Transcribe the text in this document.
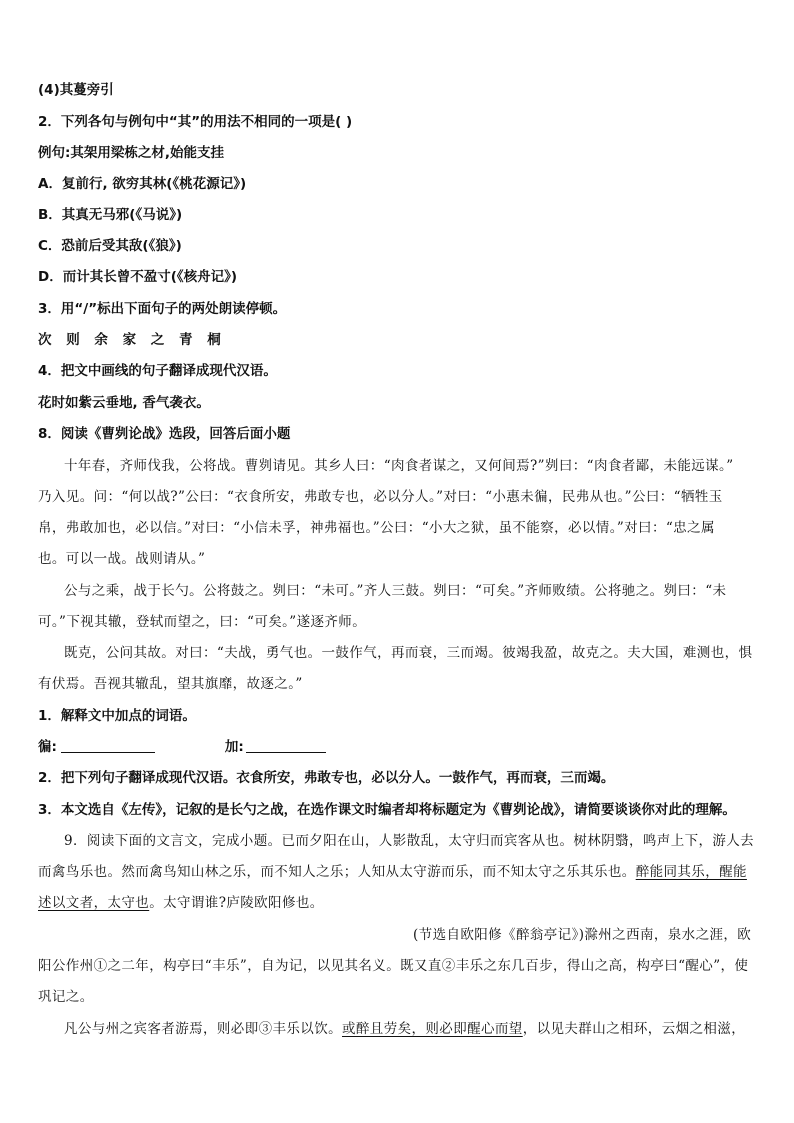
(4)其蔓旁引
2．下列各句与例句中“其”的用法不相同的一项是( )
例句:其架用梁栋之材,始能支挂
A．复前行, 欲穷其林(《桃花源记》)
B．其真无马邪(《马说》)
C．恐前后受其敌(《狼》)
D．而计其长曾不盈寸(《核舟记》)
3．用“/”标出下面句子的两处朗读停顿。
次 则 余 家 之 青 桐
4．把文中画线的句子翻译成现代汉语。
花时如紫云垂地, 香气袭衣。
8．阅读《曹刿论战》选段，回答后面小题
十年春，齐师伐我，公将战。曹刿请见。其乡人曰：“肉食者谋之，又何间焉?”刿曰：“肉食者鄙，未能远谋。”
乃入见。问：“何以战?”公曰：“衣食所安，弗敢专也，必以分人。”对曰：“小惠未徧，民弗从也。”公曰：“牺牲玉
帛，弗敢加也，必以信。”对曰：“小信未孚，神弗福也。”公曰：“小大之狱，虽不能察，必以情。”对曰：“忠之属
也。可以一战。战则请从。”
公与之乘，战于长勺。公将鼓之。刿曰：“未可。”齐人三鼓。刿曰：“可矣。”齐师败绩。公将驰之。刿曰：“未
可。”下视其辙，登轼而望之，曰：“可矣。”遂逐齐师。
既克，公问其故。对曰：“夫战，勇气也。一鼓作气，再而衰，三而竭。彼竭我盈，故克之。夫大国，难测也，惧
有伏焉。吾视其辙乱，望其旗靡，故逐之。”
1．解释文中加点的词语。
徧:	加:
2．把下列句子翻译成现代汉语。衣食所安，弗敢专也，必以分人。一鼓作气，再而衰，三而竭。
3．本文选自《左传》，记叙的是长勺之战，在选作课文时编者却将标题定为《曹刿论战》，请简要谈谈你对此的理解。
9．阅读下面的文言文，完成小题。已而夕阳在山，人影散乱，太守归而宾客从也。树林阴翳，鸣声上下，游人去
而禽鸟乐也。然而禽鸟知山林之乐，而不知人之乐；人知从太守游而乐，而不知太守之乐其乐也。醉能同其乐，醒能
述以文者，太守也。太守谓谁?庐陵欧阳修也。
(节选自欧阳修《醉翁亭记》)滁州之西南，泉水之涯，欧
阳公作州①之二年，构亭曰“丰乐”，自为记，以见其名义。既又直②丰乐之东几百步，得山之高，构亭曰“醒心”，使
巩记之。
凡公与州之宾客者游焉，则必即③丰乐以饮。或醉且劳矣，则必即醒心而望，以见夫群山之相环，云烟之相滋，
